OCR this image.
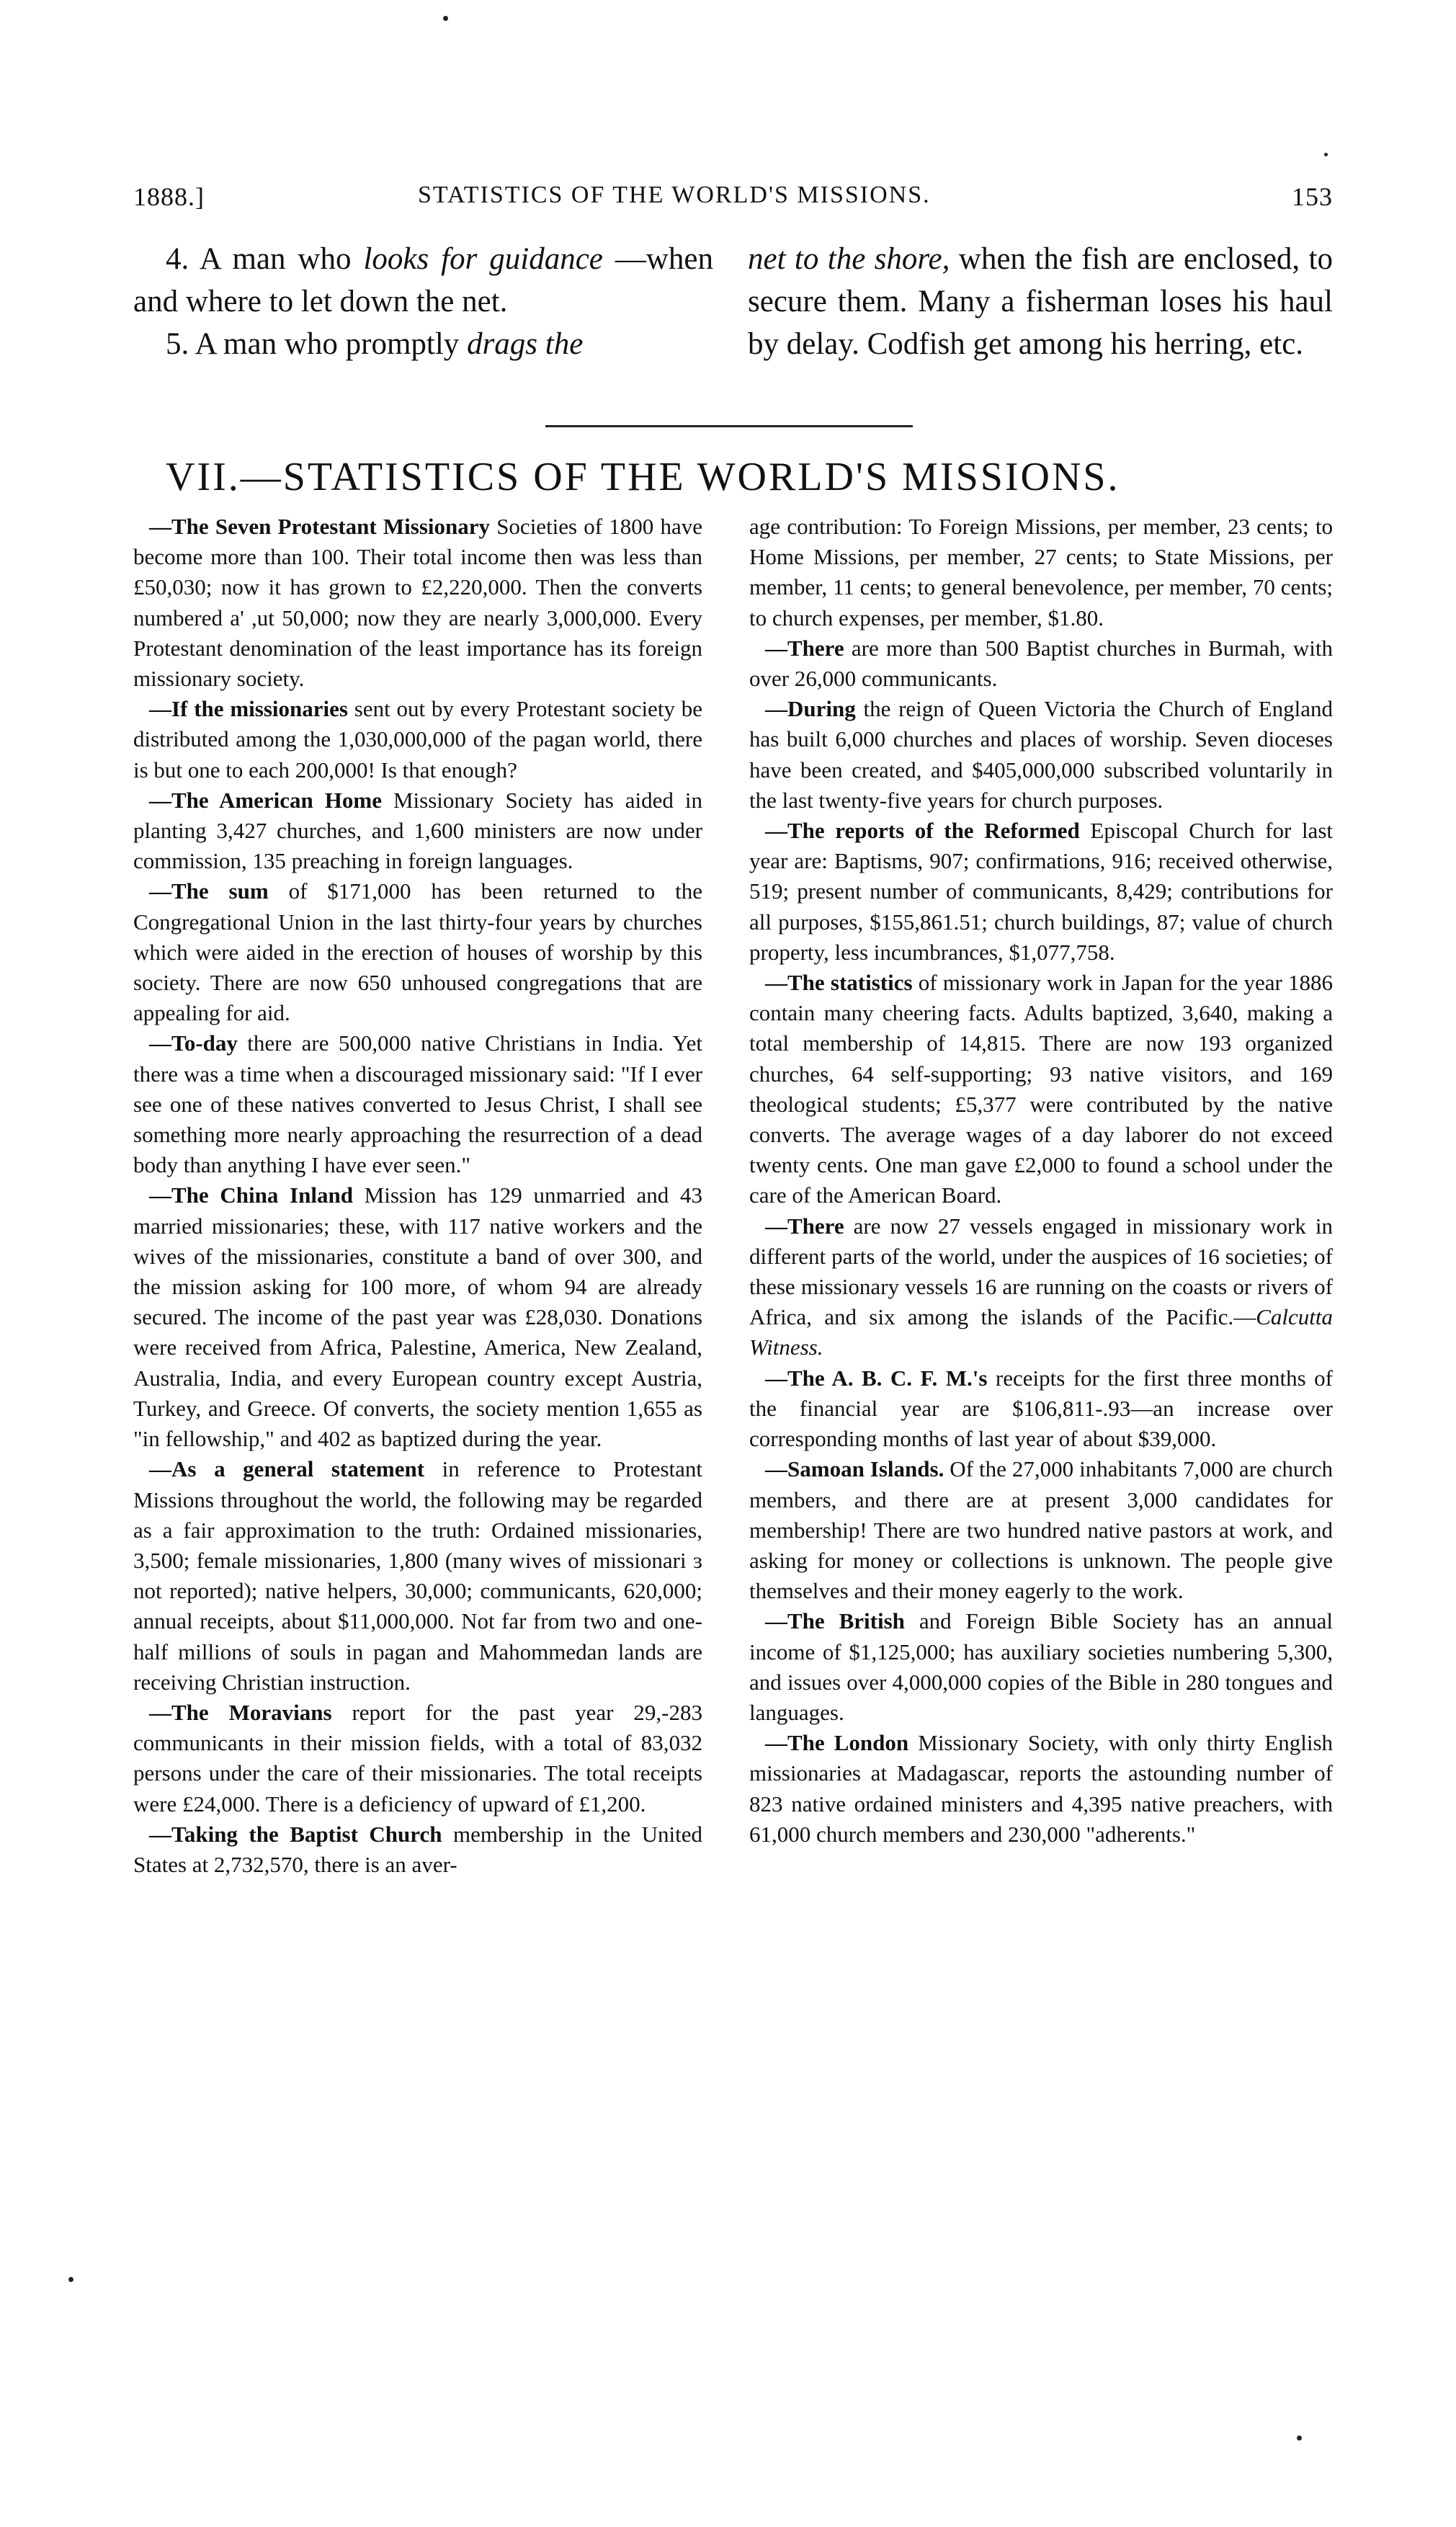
1888.]	STATISTICS OF THE WORLD'S MISSIONS.	153

4. A man who looks for guidance —when and where to let down the net.

5. A man who promptly drags the

net to the shore, when the fish are enclosed, to secure them. Many a fisherman loses his haul by delay. Codfish get among his herring, etc.

VII.—STATISTICS OF THE WORLD'S MISSIONS.

—The Seven Protestant Missionary Societies of 1800 have become more than 100. Their total income then was less than £50,030; now it has grown to £2,220,000. Then the converts numbered a' ,ut 50,000; now they are nearly 3,000,000. Every Protestant denomination of the least importance has its foreign missionary society.

—If the missionaries sent out by every Protestant society be distributed among the 1,030,000,000 of the pagan world, there is but one to each 200,000! Is that enough?

—The American Home Missionary Society has aided in planting 3,427 churches, and 1,600 ministers are now under commission, 135 preaching in foreign languages.

—The sum of $171,000 has been returned to the Congregational Union in the last thirty-four years by churches which were aided in the erection of houses of worship by this society. There are now 650 unhoused congregations that are appealing for aid.

—To-day there are 500,000 native Christians in India. Yet there was a time when a discouraged missionary said: "If I ever see one of these natives converted to Jesus Christ, I shall see something more nearly approaching the resurrection of a dead body than anything I have ever seen."

—The China Inland Mission has 129 unmarried and 43 married missionaries; these, with 117 native workers and the wives of the missionaries, constitute a band of over 300, and the mission asking for 100 more, of whom 94 are already secured. The income of the past year was £28,030. Donations were received from Africa, Palestine, America, New Zealand, Australia, India, and every European country except Austria, Turkey, and Greece. Of converts, the society mention 1,655 as "in fellowship," and 402 as baptized during the year.

—As a general statement in reference to Protestant Missions throughout the world, the following may be regarded as a fair approximation to the truth: Ordained missionaries, 3,500; female missionaries, 1,800 (many wives of missionari ɜ not reported); native helpers, 30,000; communicants, 620,000; annual receipts, about $11,000,000. Not far from two and one-half millions of souls in pagan and Mahommedan lands are receiving Christian instruction.

—The Moravians report for the past year 29,-283 communicants in their mission fields, with a total of 83,032 persons under the care of their missionaries. The total receipts were £24,000. There is a deficiency of upward of £1,200.

—Taking the Baptist Church membership in the United States at 2,732,570, there is an aver-

age contribution: To Foreign Missions, per member, 23 cents; to Home Missions, per member, 27 cents; to State Missions, per member, 11 cents; to general benevolence, per member, 70 cents; to church expenses, per member, $1.80.

—There are more than 500 Baptist churches in Burmah, with over 26,000 communicants.

—During the reign of Queen Victoria the Church of England has built 6,000 churches and places of worship. Seven dioceses have been created, and $405,000,000 subscribed voluntarily in the last twenty-five years for church purposes.

—The reports of the Reformed Episcopal Church for last year are: Baptisms, 907; confirmations, 916; received otherwise, 519; present number of communicants, 8,429; contributions for all purposes, $155,861.51; church buildings, 87; value of church property, less incumbrances, $1,077,758.

—The statistics of missionary work in Japan for the year 1886 contain many cheering facts. Adults baptized, 3,640, making a total membership of 14,815. There are now 193 organized churches, 64 self-supporting; 93 native visitors, and 169 theological students; £5,377 were contributed by the native converts. The average wages of a day laborer do not exceed twenty cents. One man gave £2,000 to found a school under the care of the American Board.

—There are now 27 vessels engaged in missionary work in different parts of the world, under the auspices of 16 societies; of these missionary vessels 16 are running on the coasts or rivers of Africa, and six among the islands of the Pacific.—Calcutta Witness.

—The A. B. C. F. M.'s receipts for the first three months of the financial year are $106,811-.93—an increase over corresponding months of last year of about $39,000.

—Samoan Islands. Of the 27,000 inhabitants 7,000 are church members, and there are at present 3,000 candidates for membership! There are two hundred native pastors at work, and asking for money or collections is unknown. The people give themselves and their money eagerly to the work.

—The British and Foreign Bible Society has an annual income of $1,125,000; has auxiliary societies numbering 5,300, and issues over 4,000,000 copies of the Bible in 280 tongues and languages.

—The London Missionary Society, with only thirty English missionaries at Madagascar, reports the astounding number of 823 native ordained ministers and 4,395 native preachers, with 61,000 church members and 230,000 "adherents."
